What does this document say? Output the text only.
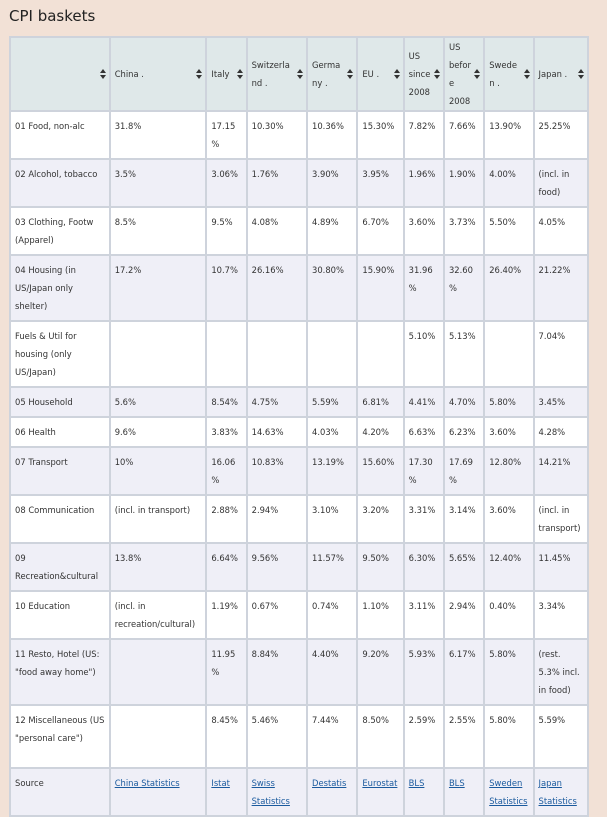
CPI baskets
	China .	Italy	Switzerland .	Germany .	EU .	US since 2008	US before 2008	Sweden .	Japan .

01 Food, non-alc	31.8%	17.15%	10.30%	10.36%	15.30%	7.82%	7.66%	13.90%	25.25%
02 Alcohol, tobacco	3.5%	3.06%	1.76%	3.90%	3.95%	1.96%	1.90%	4.00%	(incl. in food)
03 Clothing, Footw (Apparel)	8.5%	9.5%	4.08%	4.89%	6.70%	3.60%	3.73%	5.50%	4.05%
04 Housing (in US/Japan only shelter)	17.2%	10.7%	26.16%	30.80%	15.90%	31.96%	32.60%	26.40%	21.22%
Fuels & Util for housing (only US/Japan)						5.10%	5.13%		7.04%
05 Household	5.6%	8.54%	4.75%	5.59%	6.81%	4.41%	4.70%	5.80%	3.45%
06 Health	9.6%	3.83%	14.63%	4.03%	4.20%	6.63%	6.23%	3.60%	4.28%
07 Transport	10%	16.06%	10.83%	13.19%	15.60%	17.30%	17.69%	12.80%	14.21%
08 Communication	(incl. in transport)	2.88%	2.94%	3.10%	3.20%	3.31%	3.14%	3.60%	(incl. in transport)
09 Recreation&cultural	13.8%	6.64%	9.56%	11.57%	9.50%	6.30%	5.65%	12.40%	11.45%
10 Education	(incl. in recreation/cultural)	1.19%	0.67%	0.74%	1.10%	3.11%	2.94%	0.40%	3.34%
11 Resto, Hotel (US: "food away home")		11.95%	8.84%	4.40%	9.20%	5.93%	6.17%	5.80%	(rest. 5.3% incl. in food)
12 Miscellaneous (US "personal care")		8.45%	5.46%	7.44%	8.50%	2.59%	2.55%	5.80%	5.59%
Source	China Statistics	Istat	Swiss Statistics	Destatis	Eurostat	BLS	BLS	Sweden Statistics	Japan Statistics
